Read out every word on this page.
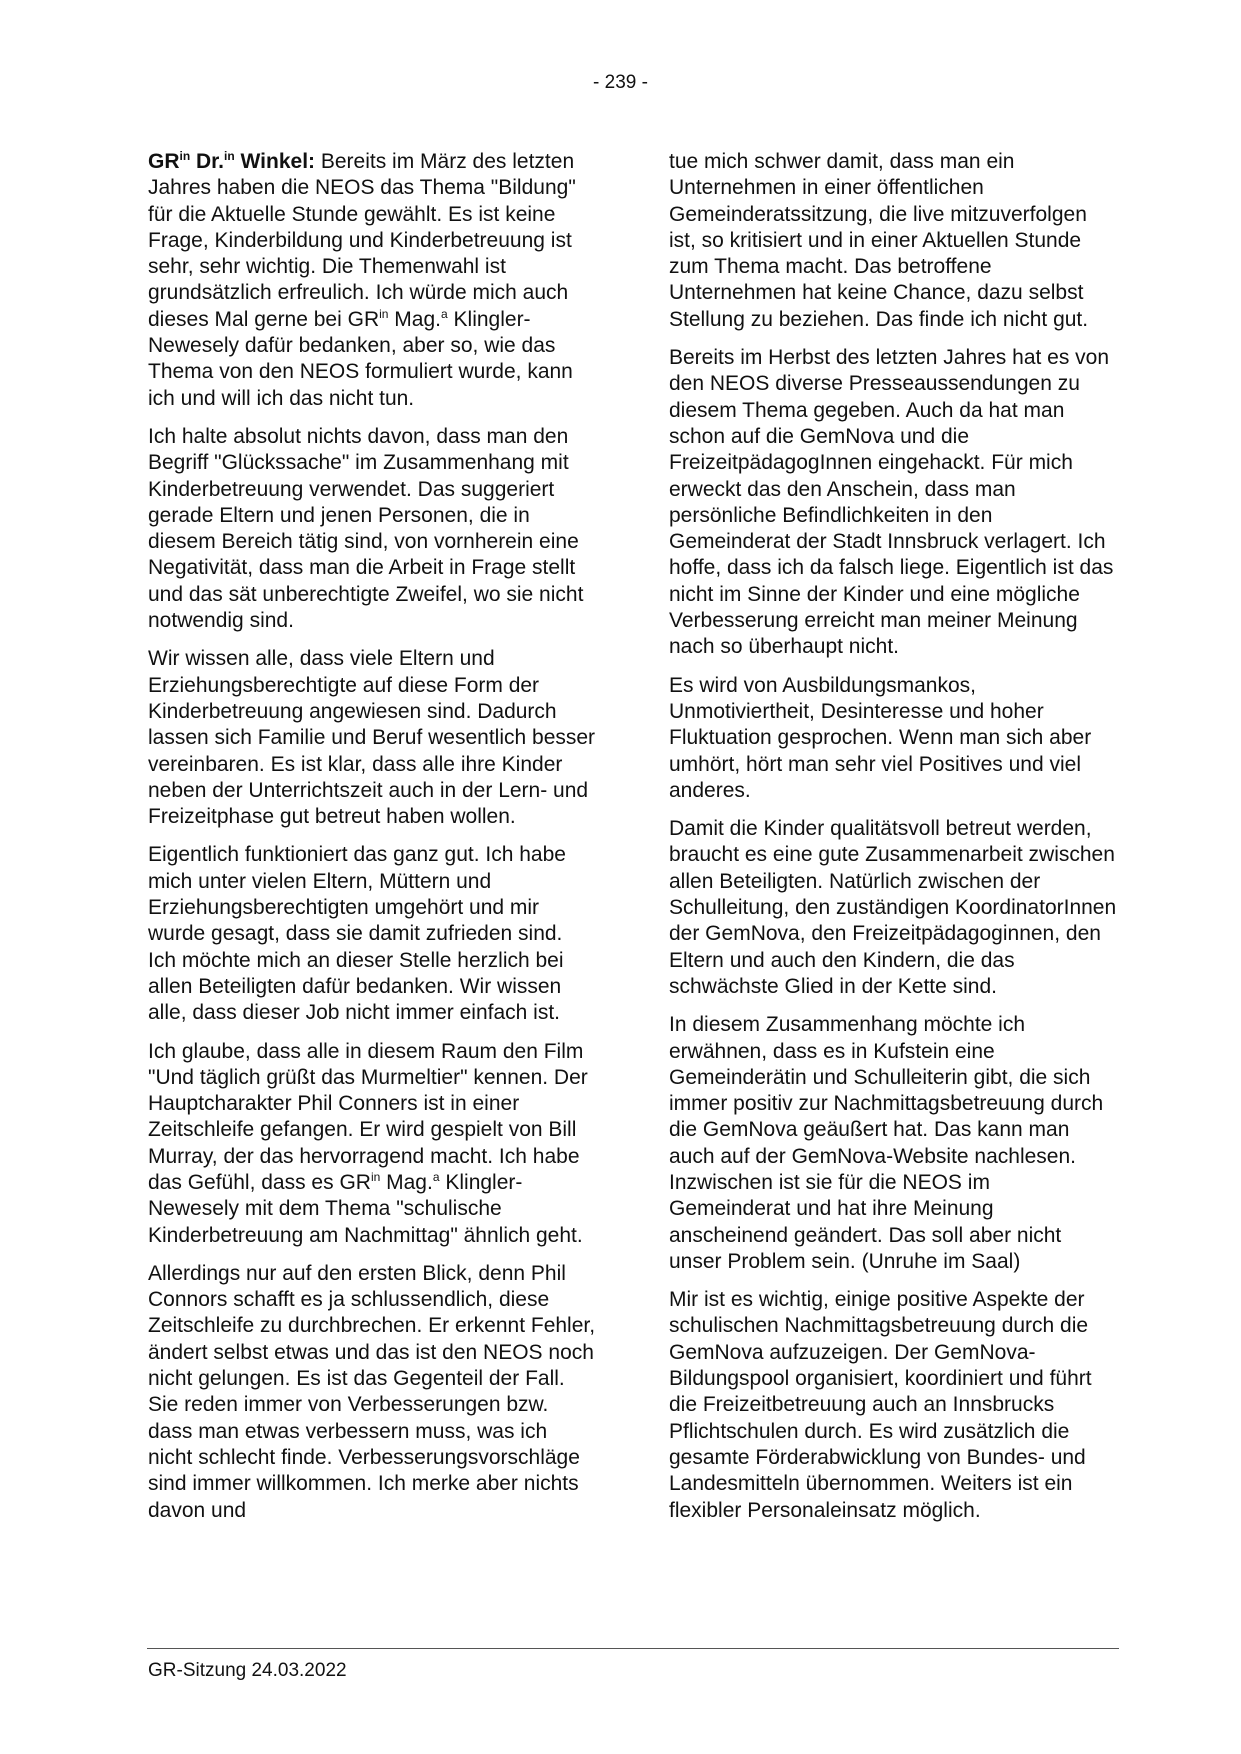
- 239 -

$GR^{in}$ Dr.$^{in}$ Winkel: Bereits im März des letzten Jahres haben die NEOS das Thema "Bildung" für die Aktuelle Stunde gewählt. Es ist keine Frage, Kinderbildung und Kinderbetreuung ist sehr, sehr wichtig. Die Themenwahl ist grundsätzlich erfreulich. Ich würde mich auch dieses Mal gerne bei $GR^{in}$ Mag.$^a$ Klingler-Newesely dafür bedanken, aber so, wie das Thema von den NEOS formuliert wurde, kann ich und will ich das nicht tun.

Ich halte absolut nichts davon, dass man den Begriff "Glückssache" im Zusammenhang mit Kinderbetreuung verwendet. Das suggeriert gerade Eltern und jenen Personen, die in diesem Bereich tätig sind, von vornherein eine Negativität, dass man die Arbeit in Frage stellt und das sät unberechtigte Zweifel, wo sie nicht notwendig sind.

Wir wissen alle, dass viele Eltern und Erziehungsberechtigte auf diese Form der Kinderbetreuung angewiesen sind. Dadurch lassen sich Familie und Beruf wesentlich besser vereinbaren. Es ist klar, dass alle ihre Kinder neben der Unterrichtszeit auch in der Lern- und Freizeitphase gut betreut haben wollen.

Eigentlich funktioniert das ganz gut. Ich habe mich unter vielen Eltern, Müttern und Erziehungsberechtigten umgehört und mir wurde gesagt, dass sie damit zufrieden sind. Ich möchte mich an dieser Stelle herzlich bei allen Beteiligten dafür bedanken. Wir wissen alle, dass dieser Job nicht immer einfach ist.

Ich glaube, dass alle in diesem Raum den Film "Und täglich grüßt das Murmeltier" kennen. Der Hauptcharakter Phil Conners ist in einer Zeitschleife gefangen. Er wird gespielt von Bill Murray, der das hervorragend macht. Ich habe das Gefühl, dass es $GR^{in}$ Mag.$^a$ Klingler-Newesely mit dem Thema "schulische Kinderbetreuung am Nachmittag" ähnlich geht.

Allerdings nur auf den ersten Blick, denn Phil Connors schafft es ja schlussendlich, diese Zeitschleife zu durchbrechen. Er erkennt Fehler, ändert selbst etwas und das ist den NEOS noch nicht gelungen. Es ist das Gegenteil der Fall. Sie reden immer von Verbesserungen bzw. dass man etwas verbessern muss, was ich nicht schlecht finde. Verbesserungsvorschläge sind immer willkommen. Ich merke aber nichts davon und

tue mich schwer damit, dass man ein Unternehmen in einer öffentlichen Gemeinderatssitzung, die live mitzuverfolgen ist, so kritisiert und in einer Aktuellen Stunde zum Thema macht. Das betroffene Unternehmen hat keine Chance, dazu selbst Stellung zu beziehen. Das finde ich nicht gut.

Bereits im Herbst des letzten Jahres hat es von den NEOS diverse Presseaussendungen zu diesem Thema gegeben. Auch da hat man schon auf die GemNova und die FreizeitpädagogInnen eingehackt. Für mich erweckt das den Anschein, dass man persönliche Befindlichkeiten in den Gemeinderat der Stadt Innsbruck verlagert. Ich hoffe, dass ich da falsch liege. Eigentlich ist das nicht im Sinne der Kinder und eine mögliche Verbesserung erreicht man meiner Meinung nach so überhaupt nicht.

Es wird von Ausbildungsmankos, Unmotiviertheit, Desinteresse und hoher Fluktuation gesprochen. Wenn man sich aber umhört, hört man sehr viel Positives und viel anderes.

Damit die Kinder qualitätsvoll betreut werden, braucht es eine gute Zusammenarbeit zwischen allen Beteiligten. Natürlich zwischen der Schulleitung, den zuständigen KoordinatorInnen der GemNova, den Freizeitpädagoginnen, den Eltern und auch den Kindern, die das schwächste Glied in der Kette sind.

In diesem Zusammenhang möchte ich erwähnen, dass es in Kufstein eine Gemeinderätin und Schulleiterin gibt, die sich immer positiv zur Nachmittagsbetreuung durch die GemNova geäußert hat. Das kann man auch auf der GemNova-Website nachlesen. Inzwischen ist sie für die NEOS im Gemeinderat und hat ihre Meinung anscheinend geändert. Das soll aber nicht unser Problem sein. (Unruhe im Saal)

Mir ist es wichtig, einige positive Aspekte der schulischen Nachmittagsbetreuung durch die GemNova aufzuzeigen. Der GemNova-Bildungspool organisiert, koordiniert und führt die Freizeitbetreuung auch an Innsbrucks Pflichtschulen durch. Es wird zusätzlich die gesamte Förderabwicklung von Bundes- und Landesmitteln übernommen. Weiters ist ein flexibler Personaleinsatz möglich.

GR-Sitzung 24.03.2022
